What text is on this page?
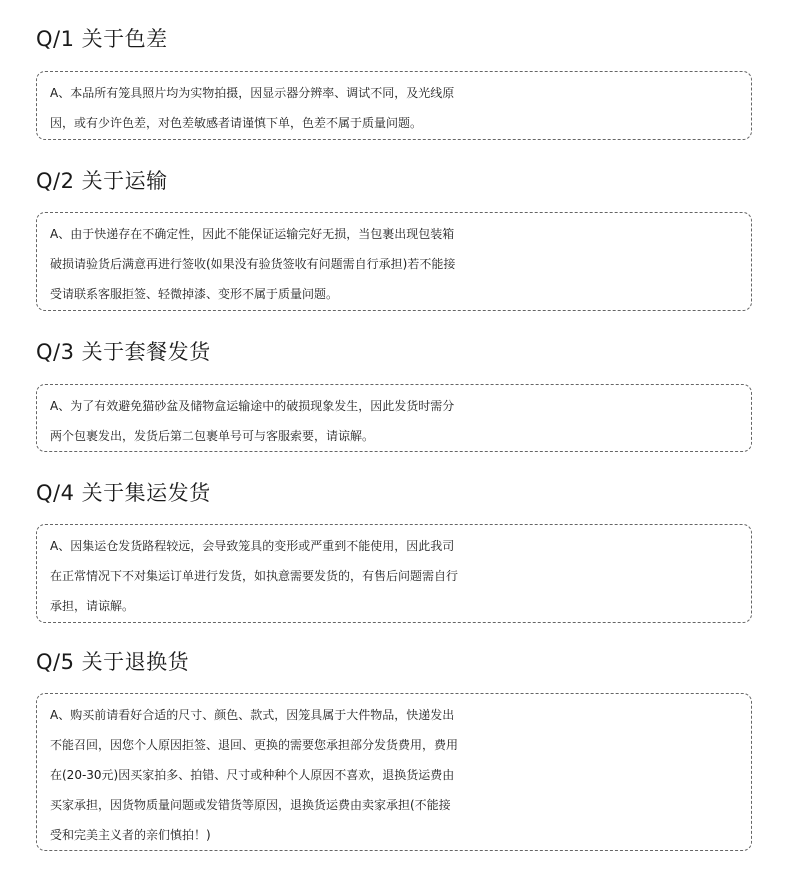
Q/1 关于色差
A、本品所有笼具照片均为实物拍摄，因显示器分辨率、调试不同，及光线原
因，或有少许色差，对色差敏感者请谨慎下单，色差不属于质量问题。
Q/2 关于运输
A、由于快递存在不确定性，因此不能保证运输完好无损，当包裹出现包装箱
破损请验货后满意再进行签收(如果没有验货签收有问题需自行承担)若不能接
受请联系客服拒签、轻微掉漆、变形不属于质量问题。
Q/3 关于套餐发货
A、为了有效避免猫砂盆及储物盒运输途中的破损现象发生，因此发货时需分
两个包裹发出，发货后第二包裹单号可与客服索要，请谅解。
Q/4 关于集运发货
A、因集运仓发货路程较远，会导致笼具的变形或严重到不能使用，因此我司
在正常情况下不对集运订单进行发货，如执意需要发货的，有售后问题需自行
承担，请谅解。
Q/5 关于退换货
A、购买前请看好合适的尺寸、颜色、款式，因笼具属于大件物品，快递发出
不能召回，因您个人原因拒签、退回、更换的需要您承担部分发货费用，费用
在(20-30元)因买家拍多、拍错、尺寸或种种个人原因不喜欢，退换货运费由
买家承担，因货物质量问题或发错货等原因，退换货运费由卖家承担(不能接
受和完美主义者的亲们慎拍！)
